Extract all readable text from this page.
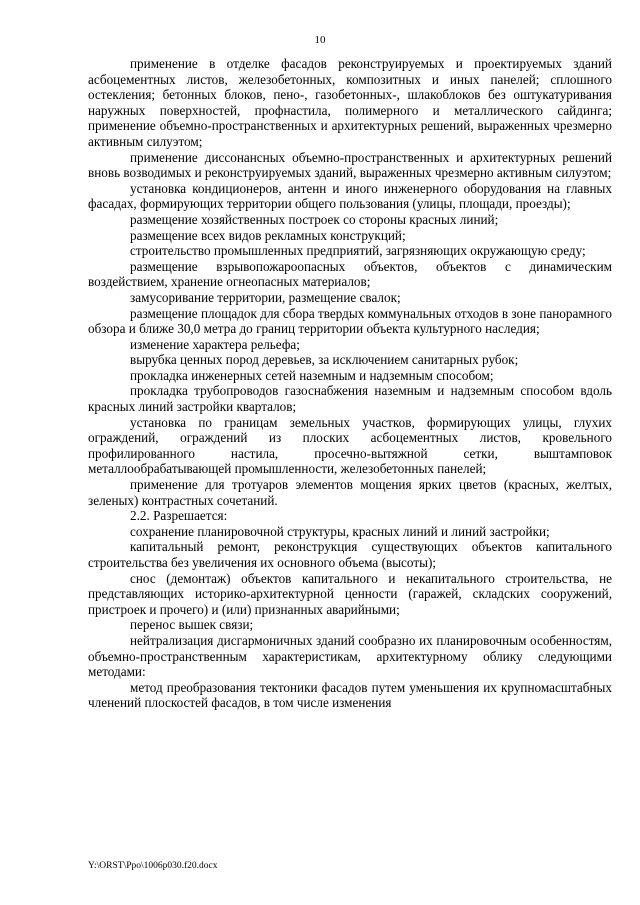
10

применение в отделке фасадов реконструируемых и проектируемых зданий асбоцементных листов, железобетонных, композитных и иных панелей; сплошного остекления; бетонных блоков, пено-, газобетонных-, шлакоблоков без оштукатуривания наружных поверхностей, профнастила, полимерного и металлического сайдинга; применение объемно-пространственных и архитектурных решений, выраженных чрезмерно активным силуэтом;

применение диссонансных объемно-пространственных и архитектурных решений вновь возводимых и реконструируемых зданий, выраженных чрезмерно активным силуэтом;

установка кондиционеров, антенн и иного инженерного оборудования на главных фасадах, формирующих территории общего пользования (улицы, площади, проезды);

размещение хозяйственных построек со стороны красных линий;

размещение всех видов рекламных конструкций;

строительство промышленных предприятий, загрязняющих окружающую среду;

размещение взрывопожароопасных объектов, объектов с динамическим воздействием, хранение огнеопасных материалов;

замусоривание территории, размещение свалок;

размещение площадок для сбора твердых коммунальных отходов в зоне панорамного обзора и ближе 30,0 метра до границ территории объекта культурного наследия;

изменение характера рельефа;

вырубка ценных пород деревьев, за исключением санитарных рубок;

прокладка инженерных сетей наземным и надземным способом;

прокладка трубопроводов газоснабжения наземным и надземным способом вдоль красных линий застройки кварталов;

установка по границам земельных участков, формирующих улицы, глухих ограждений, ограждений из плоских асбоцементных листов, кровельного профилированного настила, просечно-вытяжной сетки, выштамповок металлообрабатывающей промышленности, железобетонных панелей;

применение для тротуаров элементов мощения ярких цветов (красных, желтых, зеленых) контрастных сочетаний.

2.2. Разрешается:

сохранение планировочной структуры, красных линий и линий застройки;

капитальный ремонт, реконструкция существующих объектов капитального строительства без увеличения их основного объема (высоты);

снос (демонтаж) объектов капитального и некапитального строительства, не представляющих историко-архитектурной ценности (гаражей, складских сооружений, пристроек и прочего) и (или) признанных аварийными;

перенос вышек связи;

нейтрализация дисгармоничных зданий сообразно их планировочным особенностям, объемно-пространственным характеристикам, архитектурному облику следующими методами:

метод преобразования тектоники фасадов путем уменьшения их крупномасштабных членений плоскостей фасадов, в том числе изменения

Y:\ORST\Ppo\1006p030.f20.docx
